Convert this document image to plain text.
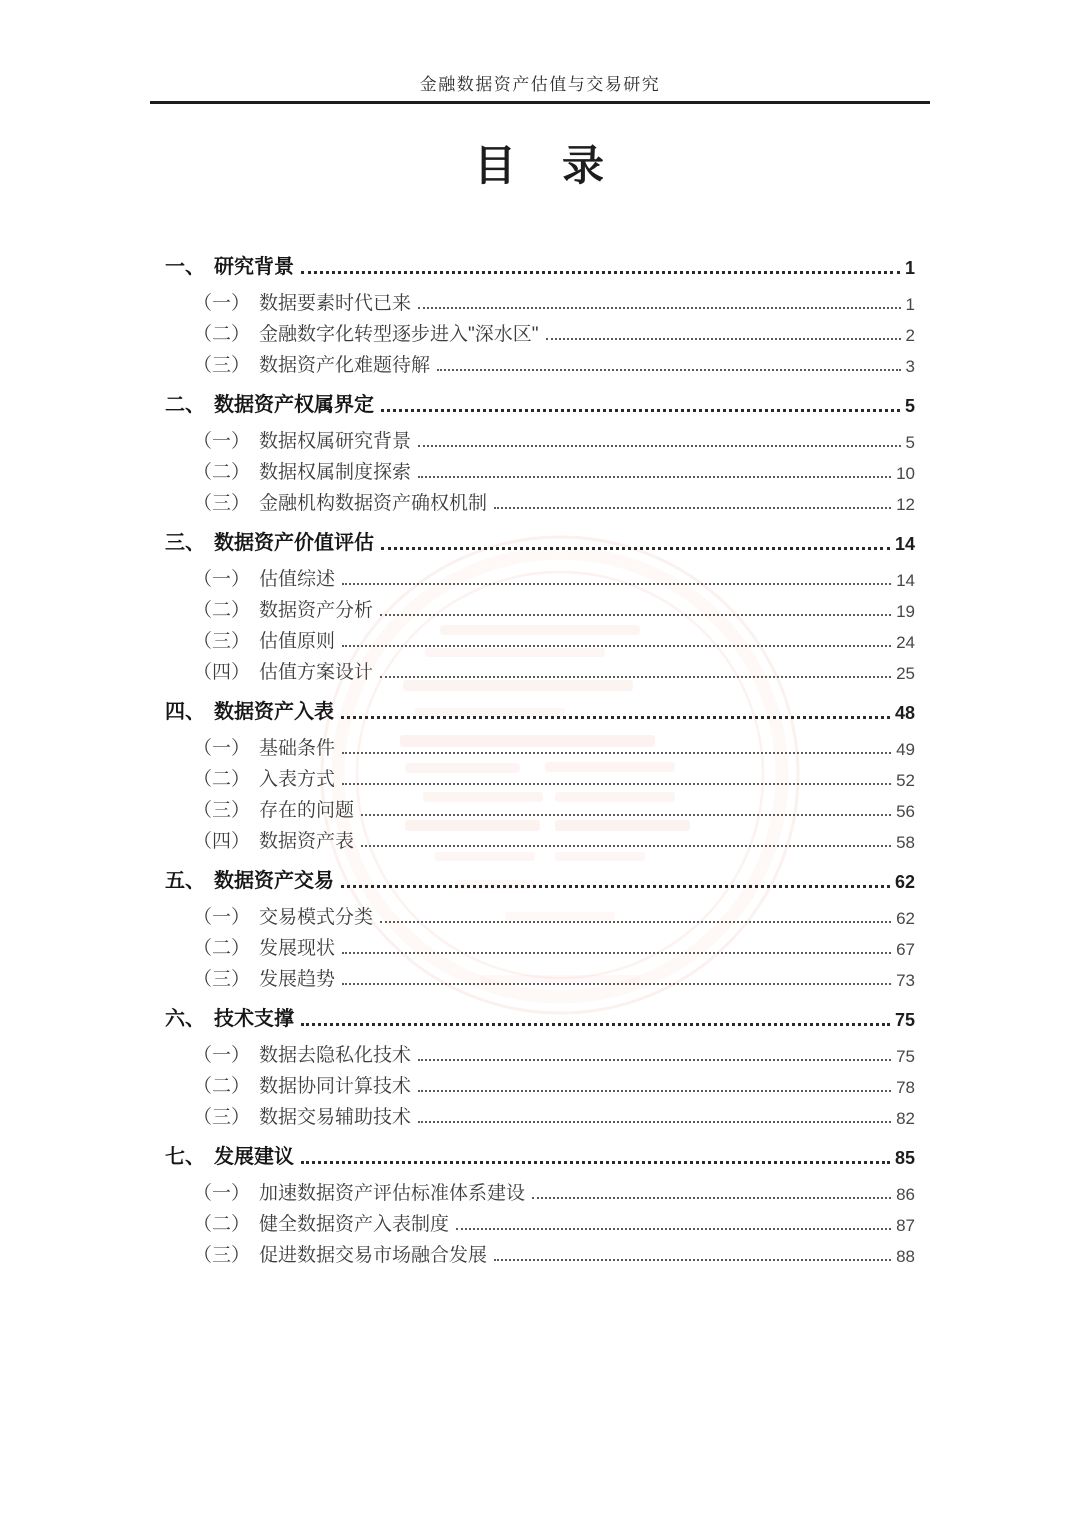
金融数据资产估值与交易研究
目　录
一、 研究背景	1
（一） 数据要素时代已来	1
（二） 金融数字化转型逐步进入"深水区"	2
（三） 数据资产化难题待解	3
二、 数据资产权属界定	5
（一） 数据权属研究背景	5
（二） 数据权属制度探索	10
（三） 金融机构数据资产确权机制	12
三、 数据资产价值评估	14
（一） 估值综述	14
（二） 数据资产分析	19
（三） 估值原则	24
（四） 估值方案设计	25
四、 数据资产入表	48
（一） 基础条件	49
（二） 入表方式	52
（三） 存在的问题	56
（四） 数据资产表	58
五、 数据资产交易	62
（一） 交易模式分类	62
（二） 发展现状	67
（三） 发展趋势	73
六、 技术支撑	75
（一） 数据去隐私化技术	75
（二） 数据协同计算技术	78
（三） 数据交易辅助技术	82
七、 发展建议	85
（一） 加速数据资产评估标准体系建设	86
（二） 健全数据资产入表制度	87
（三） 促进数据交易市场融合发展	88
